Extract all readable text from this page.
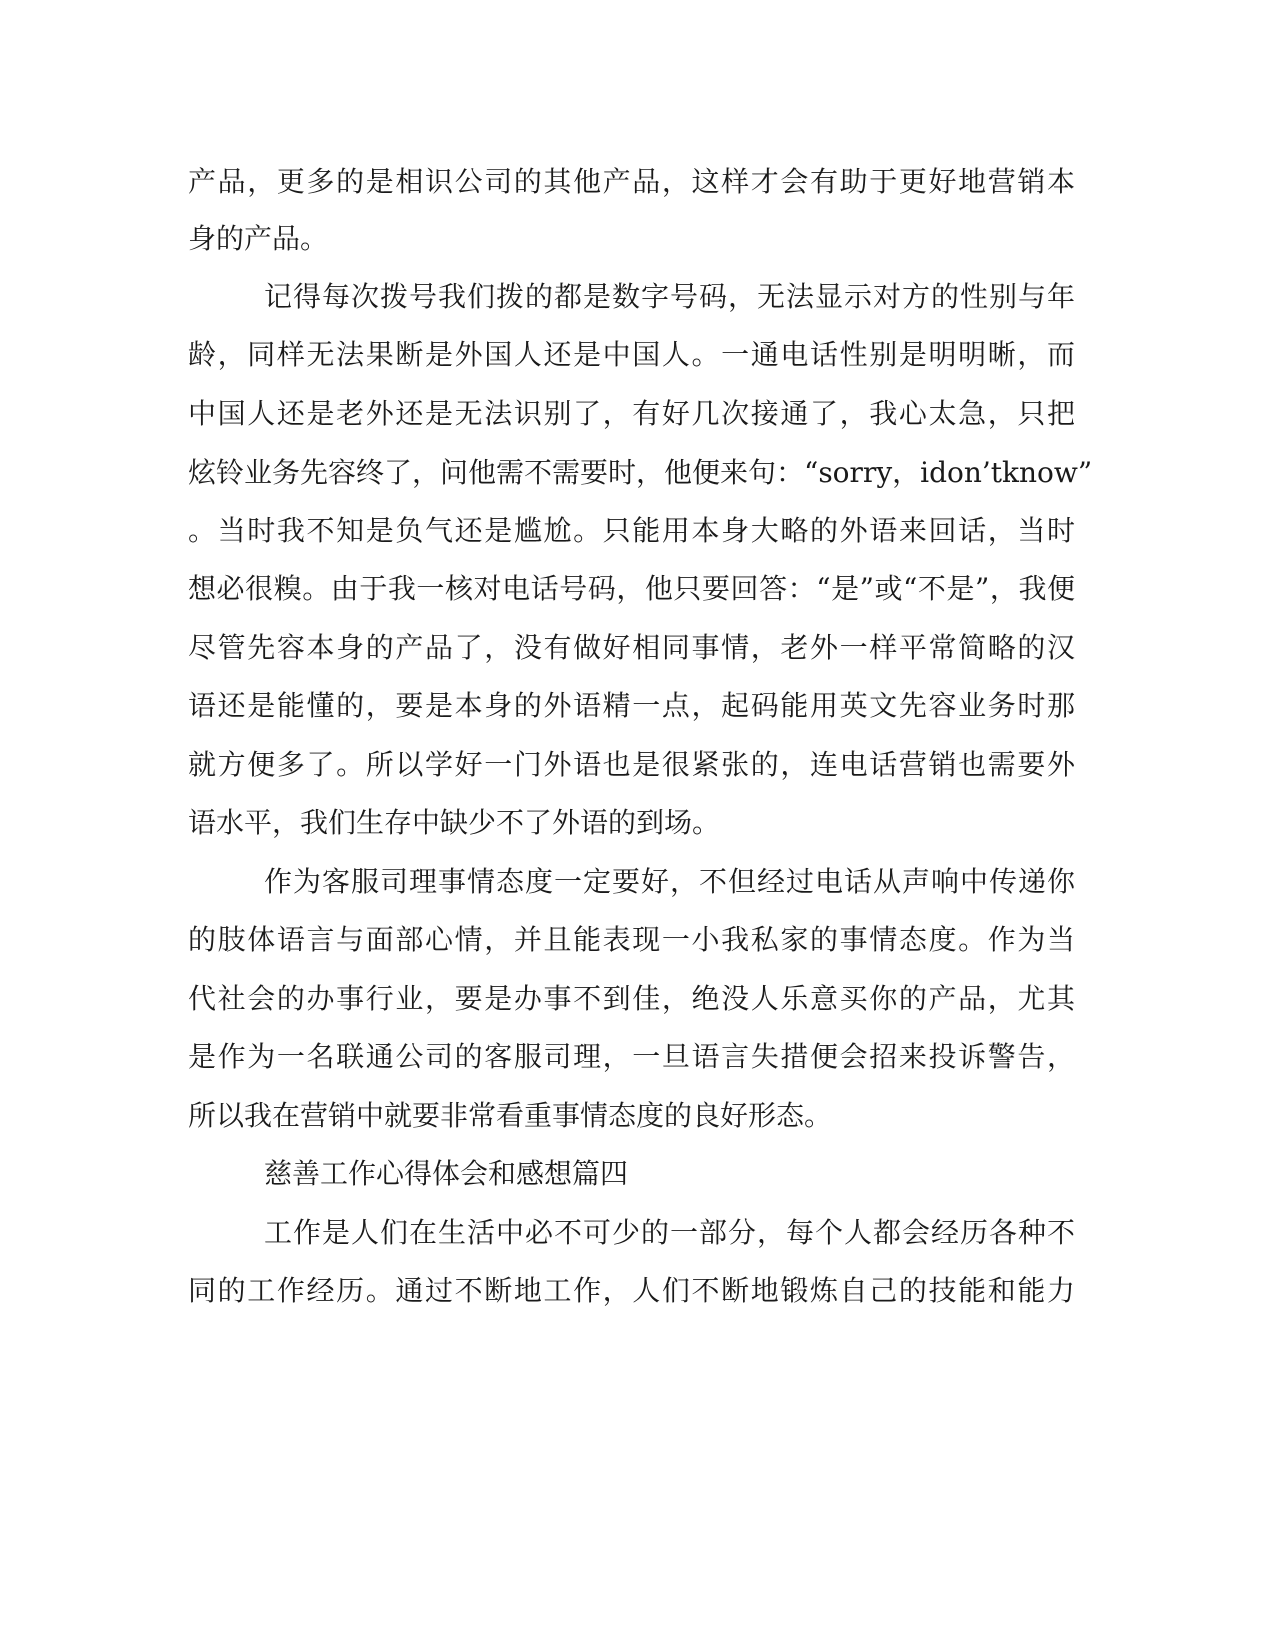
产品，更多的是相识公司的其他产品，这样才会有助于更好地营销本
身的产品。
记得每次拨号我们拨的都是数字号码，无法显示对方的性别与年
龄，同样无法果断是外国人还是中国人。一通电话性别是明明晰，而
中国人还是老外还是无法识别了，有好几次接通了，我心太急，只把
炫铃业务先容终了，问他需不需要时，他便来句：“sorry，idon’tknow”
。当时我不知是负气还是尴尬。只能用本身大略的外语来回话，当时
想必很糗。由于我一核对电话号码，他只要回答：“是”或“不是”，我便
尽管先容本身的产品了，没有做好相同事情，老外一样平常简略的汉
语还是能懂的，要是本身的外语精一点，起码能用英文先容业务时那
就方便多了。所以学好一门外语也是很紧张的，连电话营销也需要外
语水平，我们生存中缺少不了外语的到场。
作为客服司理事情态度一定要好，不但经过电话从声响中传递你
的肢体语言与面部心情，并且能表现一小我私家的事情态度。作为当
代社会的办事行业，要是办事不到佳，绝没人乐意买你的产品，尤其
是作为一名联通公司的客服司理，一旦语言失措便会招来投诉警告，
所以我在营销中就要非常看重事情态度的良好形态。
慈善工作心得体会和感想篇四
工作是人们在生活中必不可少的一部分，每个人都会经历各种不
同的工作经历。通过不断地工作，人们不断地锻炼自己的技能和能力
